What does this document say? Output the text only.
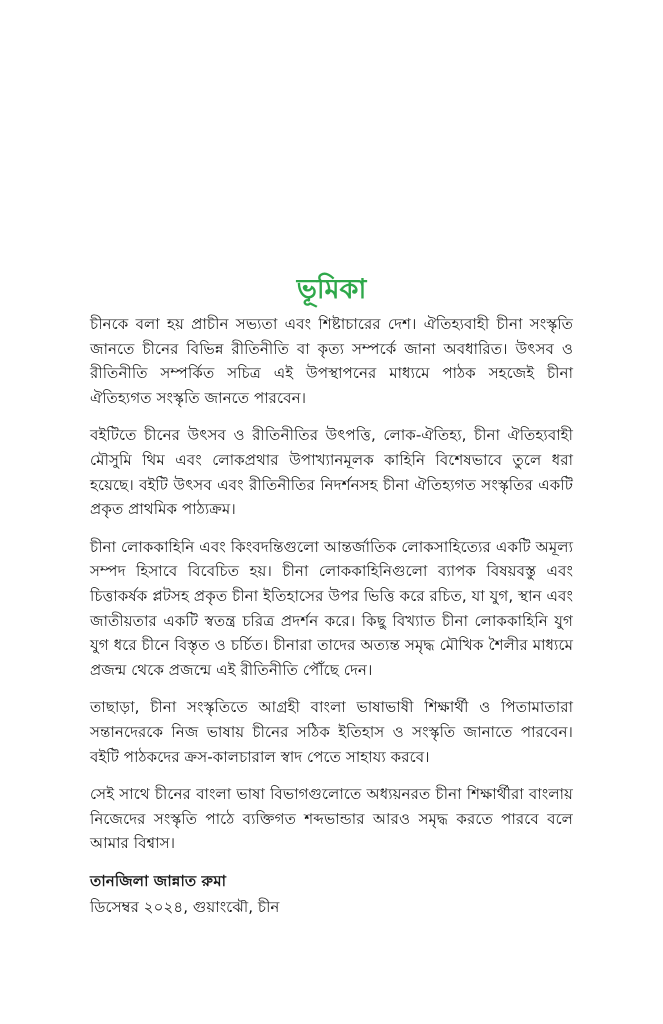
ভূমিকা

চীনকে বলা হয় প্রাচীন সভ্যতা এবং শিষ্টাচারের দেশ। ঐতিহ্যবাহী চীনা সংস্কৃতি জানতে চীনের বিভিন্ন রীতিনীতি বা কৃত্য সম্পর্কে জানা অবধারিত। উৎসব ও রীতিনীতি সম্পর্কিত সচিত্র এই উপস্থাপনের মাধ্যমে পাঠক সহজেই চীনা ঐতিহ্যগত সংস্কৃতি জানতে পারবেন।

বইটিতে চীনের উৎসব ও রীতিনীতির উৎপত্তি, লোক-ঐতিহ্য, চীনা ঐতিহ্যবাহী মৌসুমি থিম এবং লোকপ্রথার উপাখ্যানমূলক কাহিনি বিশেষভাবে তুলে ধরা হয়েছে। বইটি উৎসব এবং রীতিনীতির নিদর্শনসহ চীনা ঐতিহ্যগত সংস্কৃতির একটি প্রকৃত প্রাথমিক পাঠ্যক্রম।

চীনা লোককাহিনি এবং কিংবদন্তিগুলো আন্তর্জাতিক লোকসাহিত্যের একটি অমূল্য সম্পদ হিসাবে বিবেচিত হয়। চীনা লোককাহিনিগুলো ব্যাপক বিষয়বস্তু এবং চিত্তাকর্ষক প্লটসহ প্রকৃত চীনা ইতিহাসের উপর ভিত্তি করে রচিত, যা যুগ, স্থান এবং জাতীয়তার একটি স্বতন্ত্র চরিত্র প্রদর্শন করে। কিছু বিখ্যাত চীনা লোককাহিনি যুগ যুগ ধরে চীনে বিস্তৃত ও চর্চিত। চীনারা তাদের অত্যন্ত সমৃদ্ধ মৌখিক শৈলীর মাধ্যমে প্রজন্ম থেকে প্রজন্মে এই রীতিনীতি পৌঁছে দেন।

তাছাড়া, চীনা সংস্কৃতিতে আগ্রহী বাংলা ভাষাভাষী শিক্ষার্থী ও পিতামাতারা সন্তানদেরকে নিজ ভাষায় চীনের সঠিক ইতিহাস ও সংস্কৃতি জানাতে পারবেন। বইটি পাঠকদের ক্রস-কালচারাল স্বাদ পেতে সাহায্য করবে।

সেই সাথে চীনের বাংলা ভাষা বিভাগগুলোতে অধ্যয়নরত চীনা শিক্ষার্থীরা বাংলায় নিজেদের সংস্কৃতি পাঠে ব্যক্তিগত শব্দভান্ডার আরও সমৃদ্ধ করতে পারবে বলে আমার বিশ্বাস।

তানজিলা জান্নাত রুমা

ডিসেম্বর ২০২৪, গুয়াংঝৌ, চীন
